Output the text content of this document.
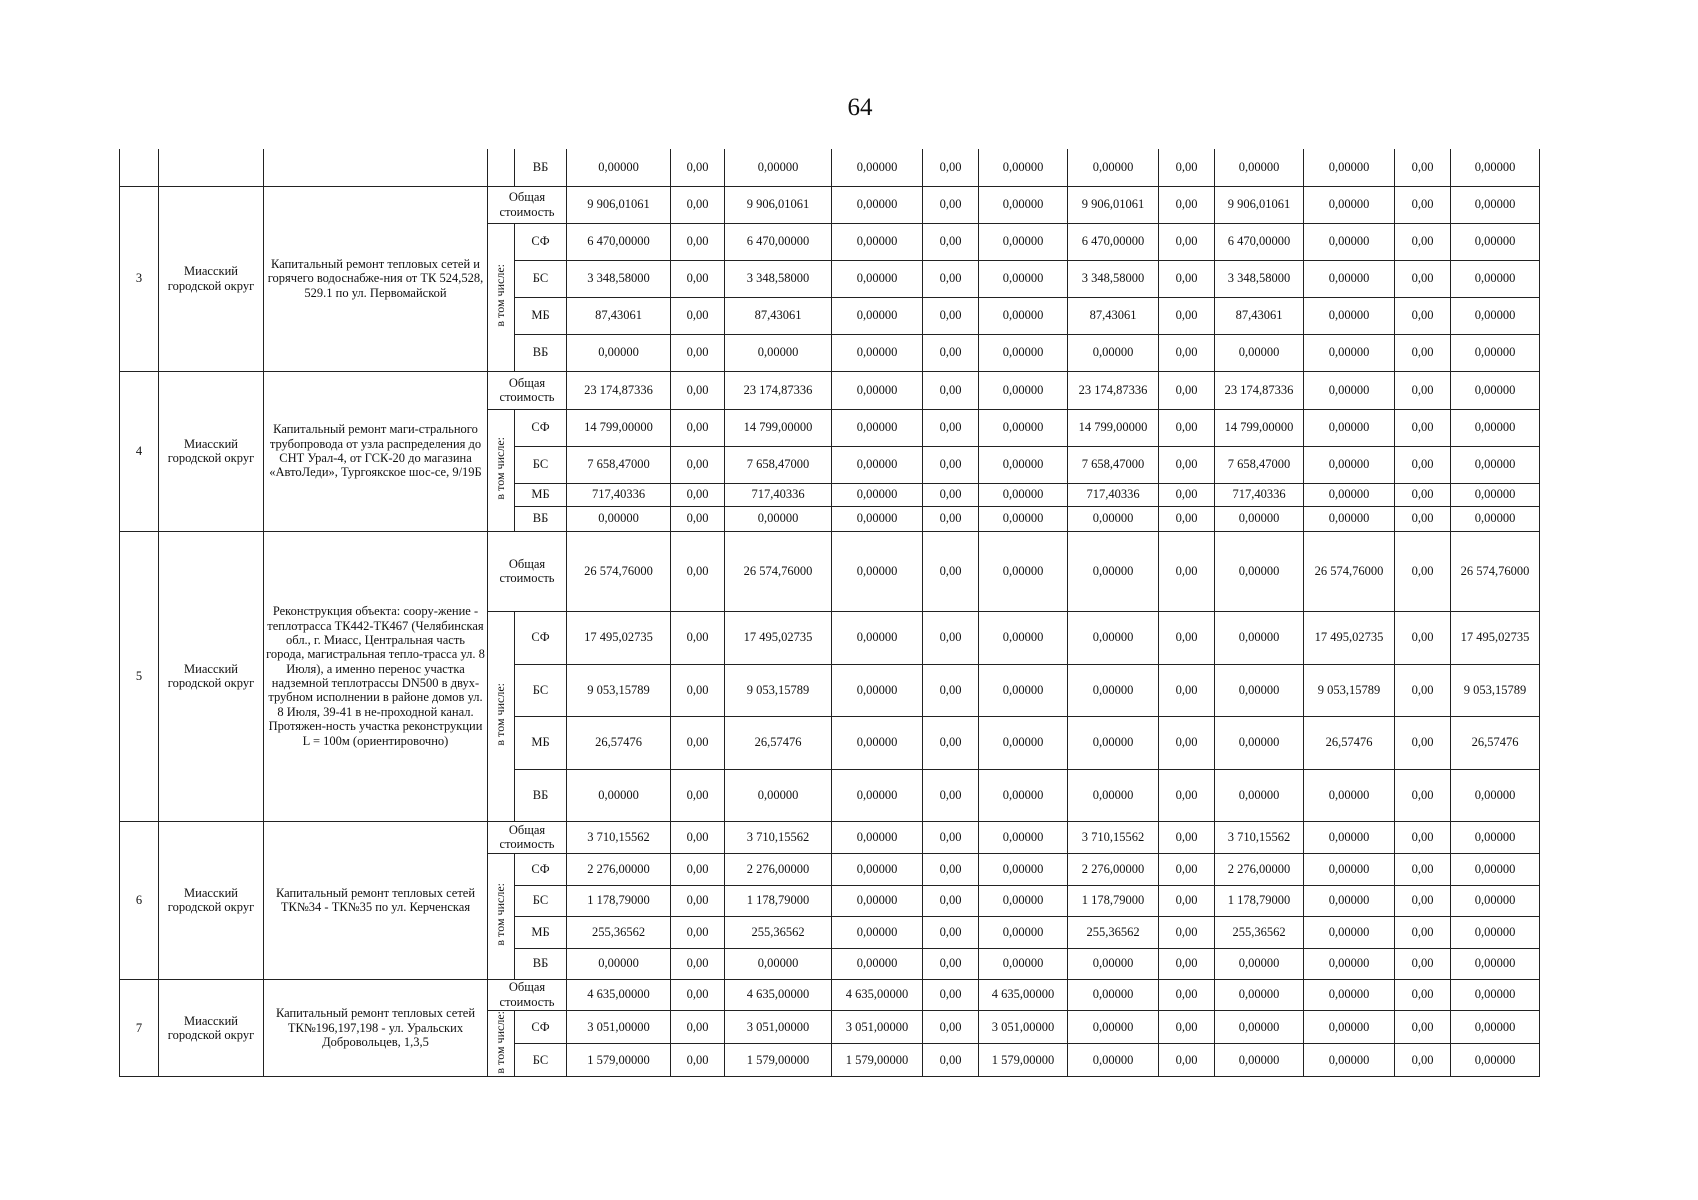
64
				ВБ	0,00000	0,00	0,00000	0,00000	0,00	0,00000	0,00000	0,00	0,00000	0,00000	0,00	0,00000
3	Миасский городской округ	Капитальный ремонт тепловых сетей и горячего водоснабже-ния от ТК 524,528, 529.1 по ул. Первомайской	Общая стоимость		9 906,01061	0,00	9 906,01061	0,00000	0,00	0,00000	9 906,01061	0,00	9 906,01061	0,00000	0,00	0,00000
			в том числе:	СФ	6 470,00000	0,00	6 470,00000	0,00000	0,00	0,00000	6 470,00000	0,00	6 470,00000	0,00000	0,00	0,00000
				БС	3 348,58000	0,00	3 348,58000	0,00000	0,00	0,00000	3 348,58000	0,00	3 348,58000	0,00000	0,00	0,00000
				МБ	87,43061	0,00	87,43061	0,00000	0,00	0,00000	87,43061	0,00	87,43061	0,00000	0,00	0,00000
				ВБ	0,00000	0,00	0,00000	0,00000	0,00	0,00000	0,00000	0,00	0,00000	0,00000	0,00	0,00000
4	Миасский городской округ	Капитальный ремонт маги-стрального трубопровода от узла распределения до СНТ Урал-4, от ГСК-20 до магазина «АвтоЛеди», Тургоякское шос-се, 9/19Б	Общая стоимость		23 174,87336	0,00	23 174,87336	0,00000	0,00	0,00000	23 174,87336	0,00	23 174,87336	0,00000	0,00	0,00000
			в том числе:	СФ	14 799,00000	0,00	14 799,00000	0,00000	0,00	0,00000	14 799,00000	0,00	14 799,00000	0,00000	0,00	0,00000
				БС	7 658,47000	0,00	7 658,47000	0,00000	0,00	0,00000	7 658,47000	0,00	7 658,47000	0,00000	0,00	0,00000
				МБ	717,40336	0,00	717,40336	0,00000	0,00	0,00000	717,40336	0,00	717,40336	0,00000	0,00	0,00000
				ВБ	0,00000	0,00	0,00000	0,00000	0,00	0,00000	0,00000	0,00	0,00000	0,00000	0,00	0,00000
5	Миасский городской округ	Реконструкция объекта: соору-жение - теплотрасса ТК442-ТК467 (Челябинская обл., г. Миасс, Центральная часть города, магистральная тепло-трасса ул. 8 Июля), а именно перенос участка надземной теплотрассы DN500 в двух-трубном исполнении в районе домов ул. 8 Июля, 39-41 в не-проходной канал. Протяжен-ность участка реконструкции L = 100м (ориентировочно)	Общая стоимость		26 574,76000	0,00	26 574,76000	0,00000	0,00	0,00000	0,00000	0,00	0,00000	26 574,76000	0,00	26 574,76000
			в том числе:	СФ	17 495,02735	0,00	17 495,02735	0,00000	0,00	0,00000	0,00000	0,00	0,00000	17 495,02735	0,00	17 495,02735
				БС	9 053,15789	0,00	9 053,15789	0,00000	0,00	0,00000	0,00000	0,00	0,00000	9 053,15789	0,00	9 053,15789
				МБ	26,57476	0,00	26,57476	0,00000	0,00	0,00000	0,00000	0,00	0,00000	26,57476	0,00	26,57476
				ВБ	0,00000	0,00	0,00000	0,00000	0,00	0,00000	0,00000	0,00	0,00000	0,00000	0,00	0,00000
6	Миасский городской округ	Капитальный ремонт тепловых сетей ТК№34 - ТК№35 по ул. Керченская	Общая стоимость		3 710,15562	0,00	3 710,15562	0,00000	0,00	0,00000	3 710,15562	0,00	3 710,15562	0,00000	0,00	0,00000
			в том числе:	СФ	2 276,00000	0,00	2 276,00000	0,00000	0,00	0,00000	2 276,00000	0,00	2 276,00000	0,00000	0,00	0,00000
				БС	1 178,79000	0,00	1 178,79000	0,00000	0,00	0,00000	1 178,79000	0,00	1 178,79000	0,00000	0,00	0,00000
				МБ	255,36562	0,00	255,36562	0,00000	0,00	0,00000	255,36562	0,00	255,36562	0,00000	0,00	0,00000
				ВБ	0,00000	0,00	0,00000	0,00000	0,00	0,00000	0,00000	0,00	0,00000	0,00000	0,00	0,00000
7	Миасский городской округ	Капитальный ремонт тепловых сетей ТК№196,197,198 - ул. Уральских Добровольцев, 1,3,5	Общая стоимость		4 635,00000	0,00	4 635,00000	4 635,00000	0,00	4 635,00000	0,00000	0,00	0,00000	0,00000	0,00	0,00000
			в том числе:	СФ	3 051,00000	0,00	3 051,00000	3 051,00000	0,00	3 051,00000	0,00000	0,00	0,00000	0,00000	0,00	0,00000
				БС	1 579,00000	0,00	1 579,00000	1 579,00000	0,00	1 579,00000	0,00000	0,00	0,00000	0,00000	0,00	0,00000
